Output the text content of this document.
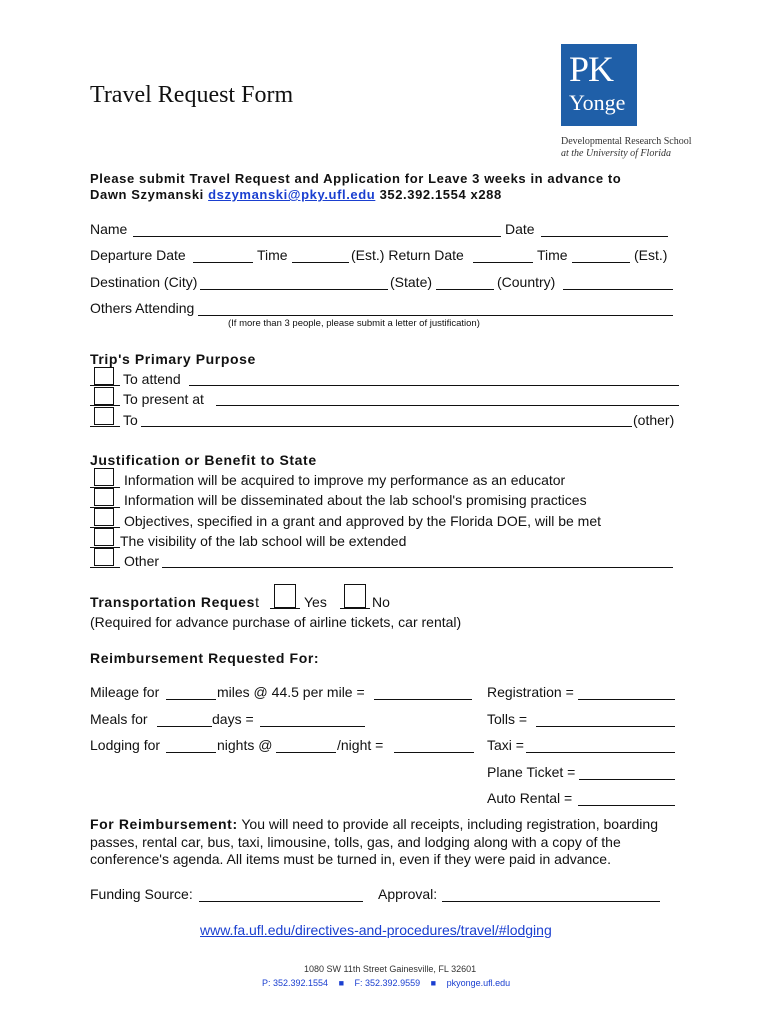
Travel Request Form
PK
Yonge
Developmental Research School
at the University of Florida
Please submit Travel Request and Application for Leave 3 weeks in advance to
Dawn Szymanski dszymanski@pky.ufl.edu 352.392.1554 x288
Name	Date
Departure Date	Time	(Est.) Return Date	Time	(Est.)
Destination (City)	(State)	(Country)
Others Attending
(If more than 3 people, please submit a letter of justification)
Trip's Primary Purpose
To attend
To present at
To	(other)
Justification or Benefit to State
Information will be acquired to improve my performance as an educator
Information will be disseminated about the lab school's promising practices
Objectives, specified in a grant and approved by the Florida DOE, will be met
The visibility of the lab school will be extended
Other
Transportation Request	Yes	No
(Required for advance purchase of airline tickets, car rental)
Reimbursement Requested For:
Mileage for	miles @ 44.5 per mile =
Meals for	days =
Lodging for	nights @	/night =
Registration =
Tolls =
Taxi =
Plane Ticket =
Auto Rental =
For Reimbursement: You will need to provide all receipts, including registration, boarding
passes, rental car, bus, taxi, limousine, tolls, gas, and lodging along with a copy of the
conference's agenda. All items must be turned in, even if they were paid in advance.
Funding Source:	Approval:
www.fa.ufl.edu/directives-and-procedures/travel/#lodging
1080 SW 11th Street Gainesville, FL 32601
P: 352.392.1554 ■ F: 352.392.9559 ■ pkyonge.ufl.edu
